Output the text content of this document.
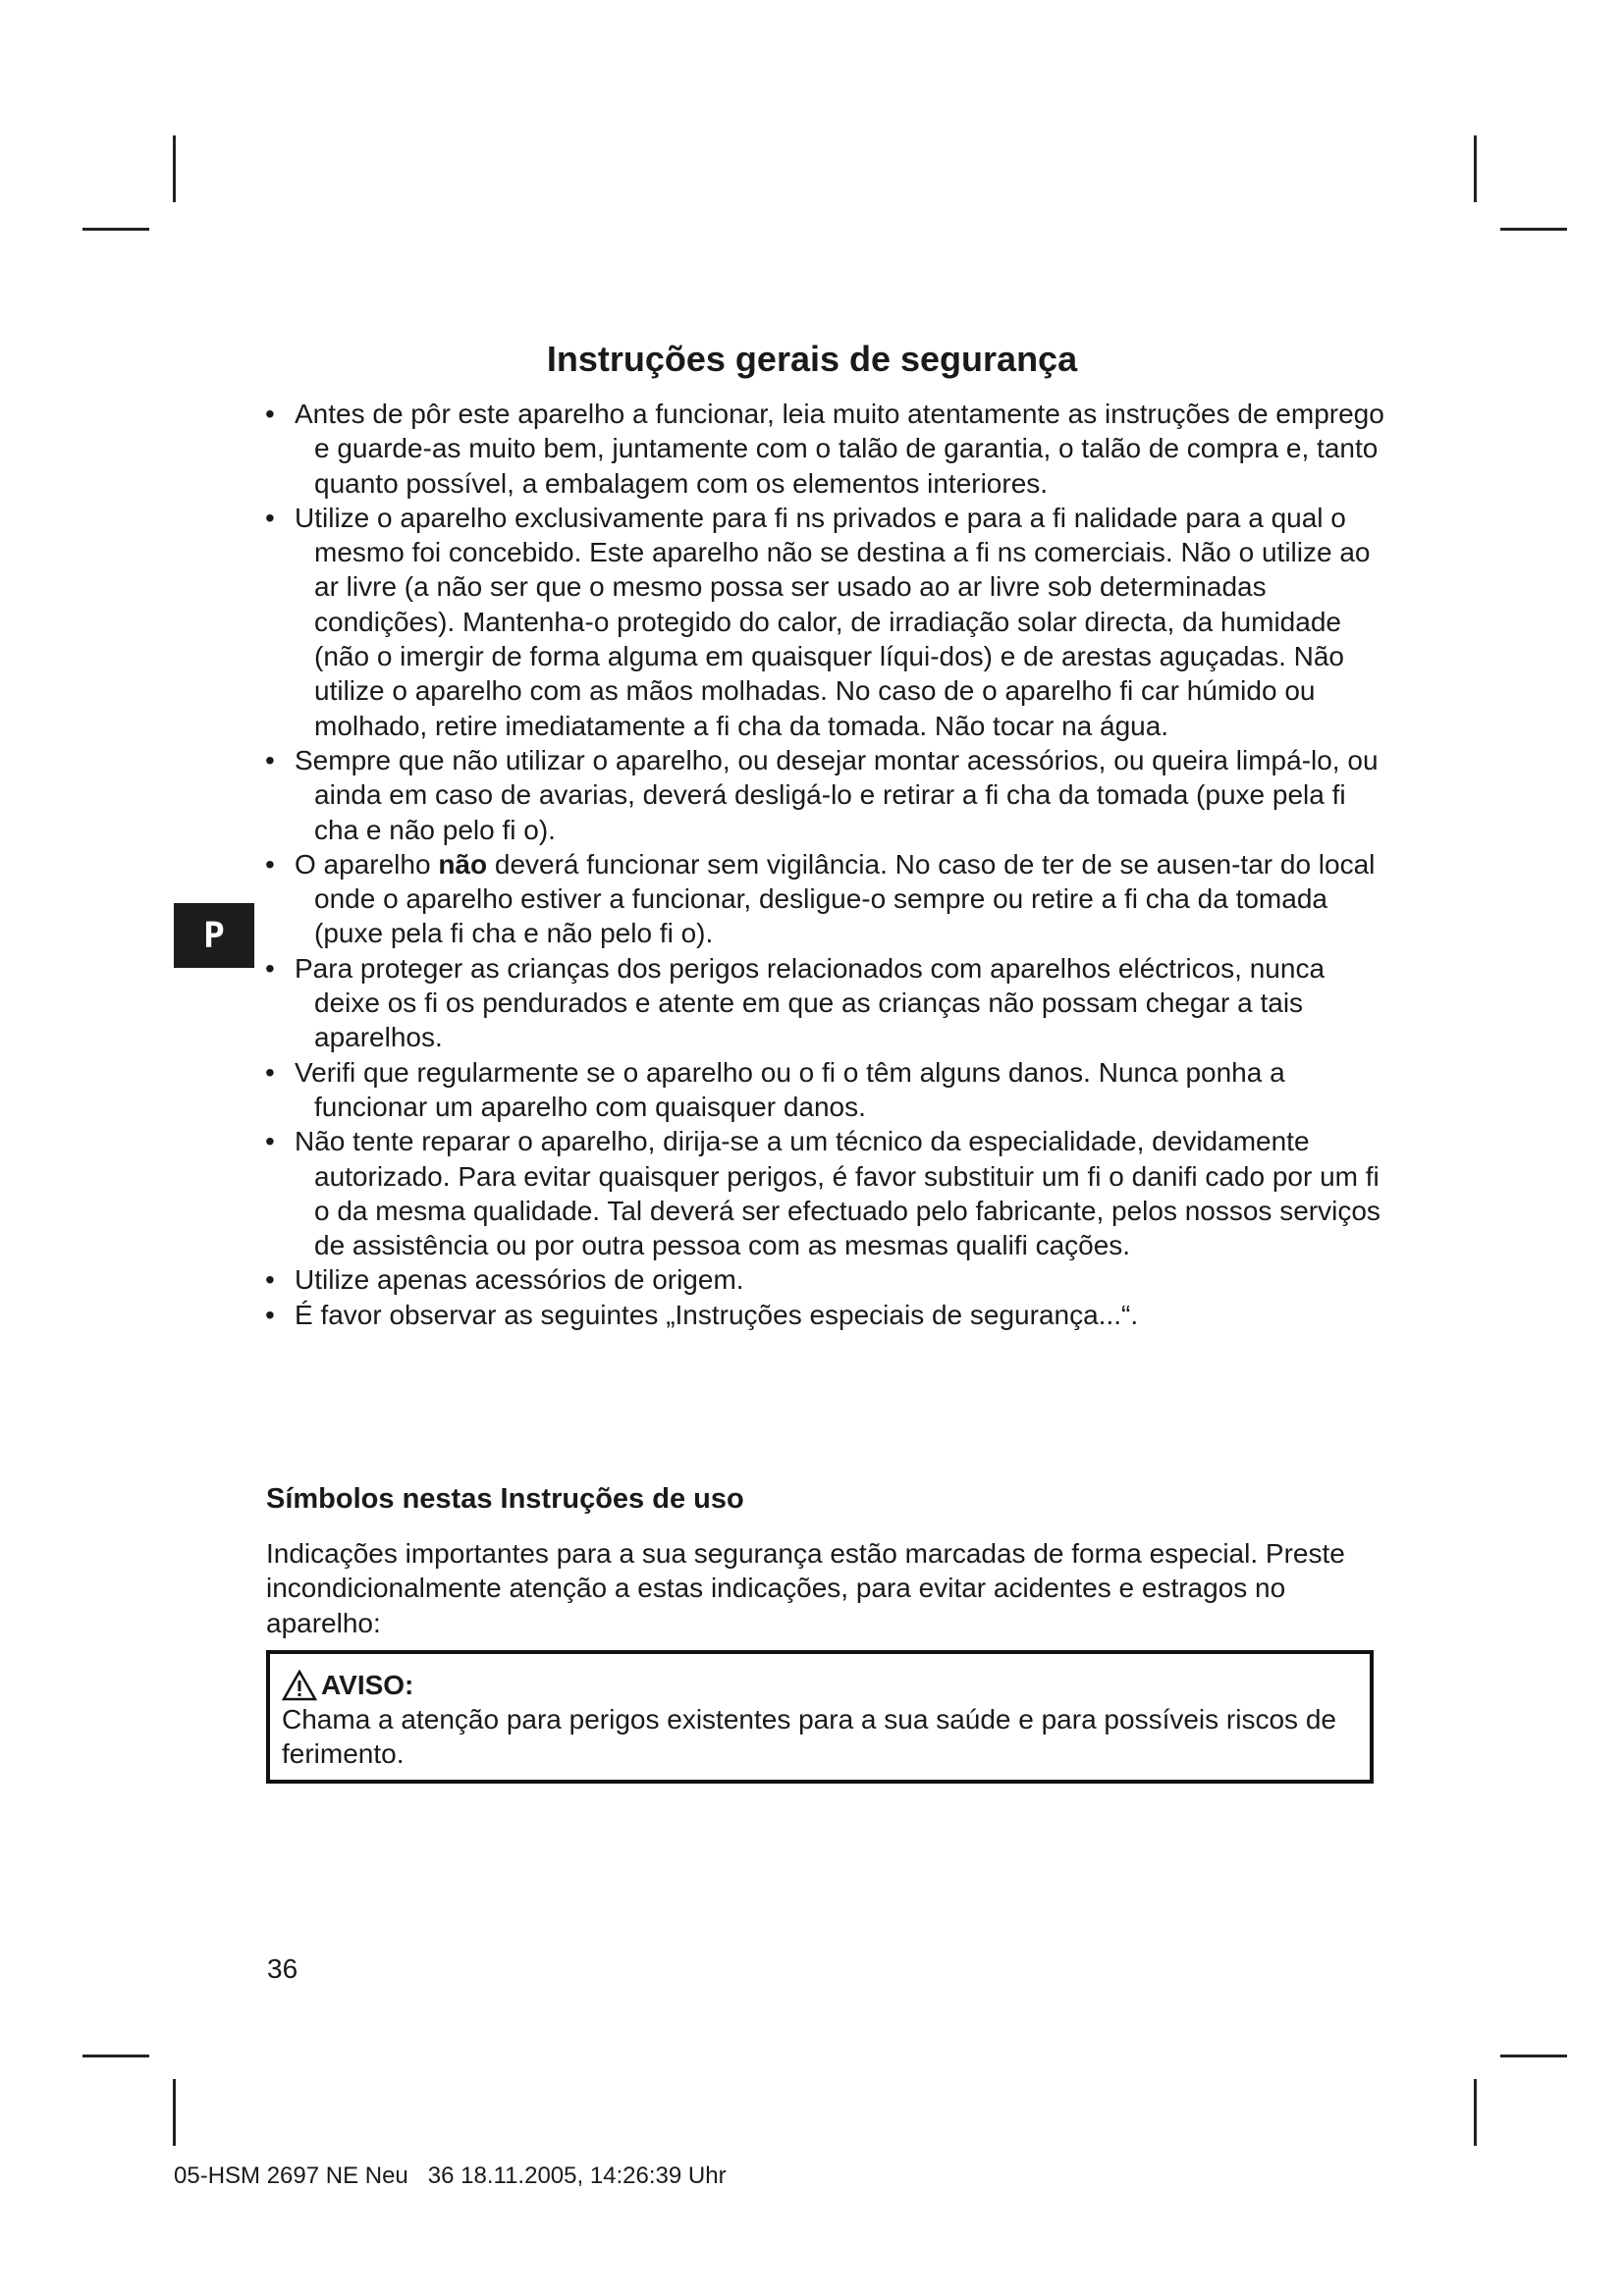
Instruções gerais de segurança
P
• Antes de pôr este aparelho a funcionar, leia muito atentamente as instruções de emprego e guarde-as muito bem, juntamente com o talão de garantia, o talão de compra e, tanto quanto possível, a embalagem com os elementos interiores.
• Utilize o aparelho exclusivamente para fi ns privados e para a fi nalidade para a qual o mesmo foi concebido. Este aparelho não se destina a fi ns comerciais. Não o utilize ao ar livre (a não ser que o mesmo possa ser usado ao ar livre sob determinadas condições). Mantenha-o protegido do calor, de irradiação solar directa, da humidade (não o imergir de forma alguma em quaisquer líqui-dos) e de arestas aguçadas. Não utilize o aparelho com as mãos molhadas. No caso de o aparelho fi car húmido ou molhado, retire imediatamente a fi cha da tomada. Não tocar na água.
• Sempre que não utilizar o aparelho, ou desejar montar acessórios, ou queira limpá-lo, ou ainda em caso de avarias, deverá desligá-lo e retirar a fi cha da tomada (puxe pela fi cha e não pelo fi o).
• O aparelho não deverá funcionar sem vigilância. No caso de ter de se ausen-tar do local onde o aparelho estiver a funcionar, desligue-o sempre ou retire a fi cha da tomada (puxe pela fi cha e não pelo fi o).
• Para proteger as crianças dos perigos relacionados com aparelhos eléctricos, nunca deixe os fi os pendurados e atente em que as crianças não possam chegar a tais aparelhos.
• Verifi que regularmente se o aparelho ou o fi o têm alguns danos. Nunca ponha a funcionar um aparelho com quaisquer danos.
• Não tente reparar o aparelho, dirija-se a um técnico da especialidade, devidamente autorizado. Para evitar quaisquer perigos, é favor substituir um fi o danifi cado por um fi o da mesma qualidade. Tal deverá ser efectuado pelo fabricante, pelos nossos serviços de assistência ou por outra pessoa com as mesmas qualifi cações.
• Utilize apenas acessórios de origem.
• É favor observar as seguintes „Instruções especiais de segurança...“.
Símbolos nestas Instruções de uso

Indicações importantes para a sua segurança estão marcadas de forma especial. Preste incondicionalmente atenção a estas indicações, para evitar acidentes e estragos no aparelho:

AVISO:
Chama a atenção para perigos existentes para a sua saúde e para possíveis riscos de ferimento.
36
05-HSM 2697 NE Neu   36 18.11.2005, 14:26:39 Uhr
